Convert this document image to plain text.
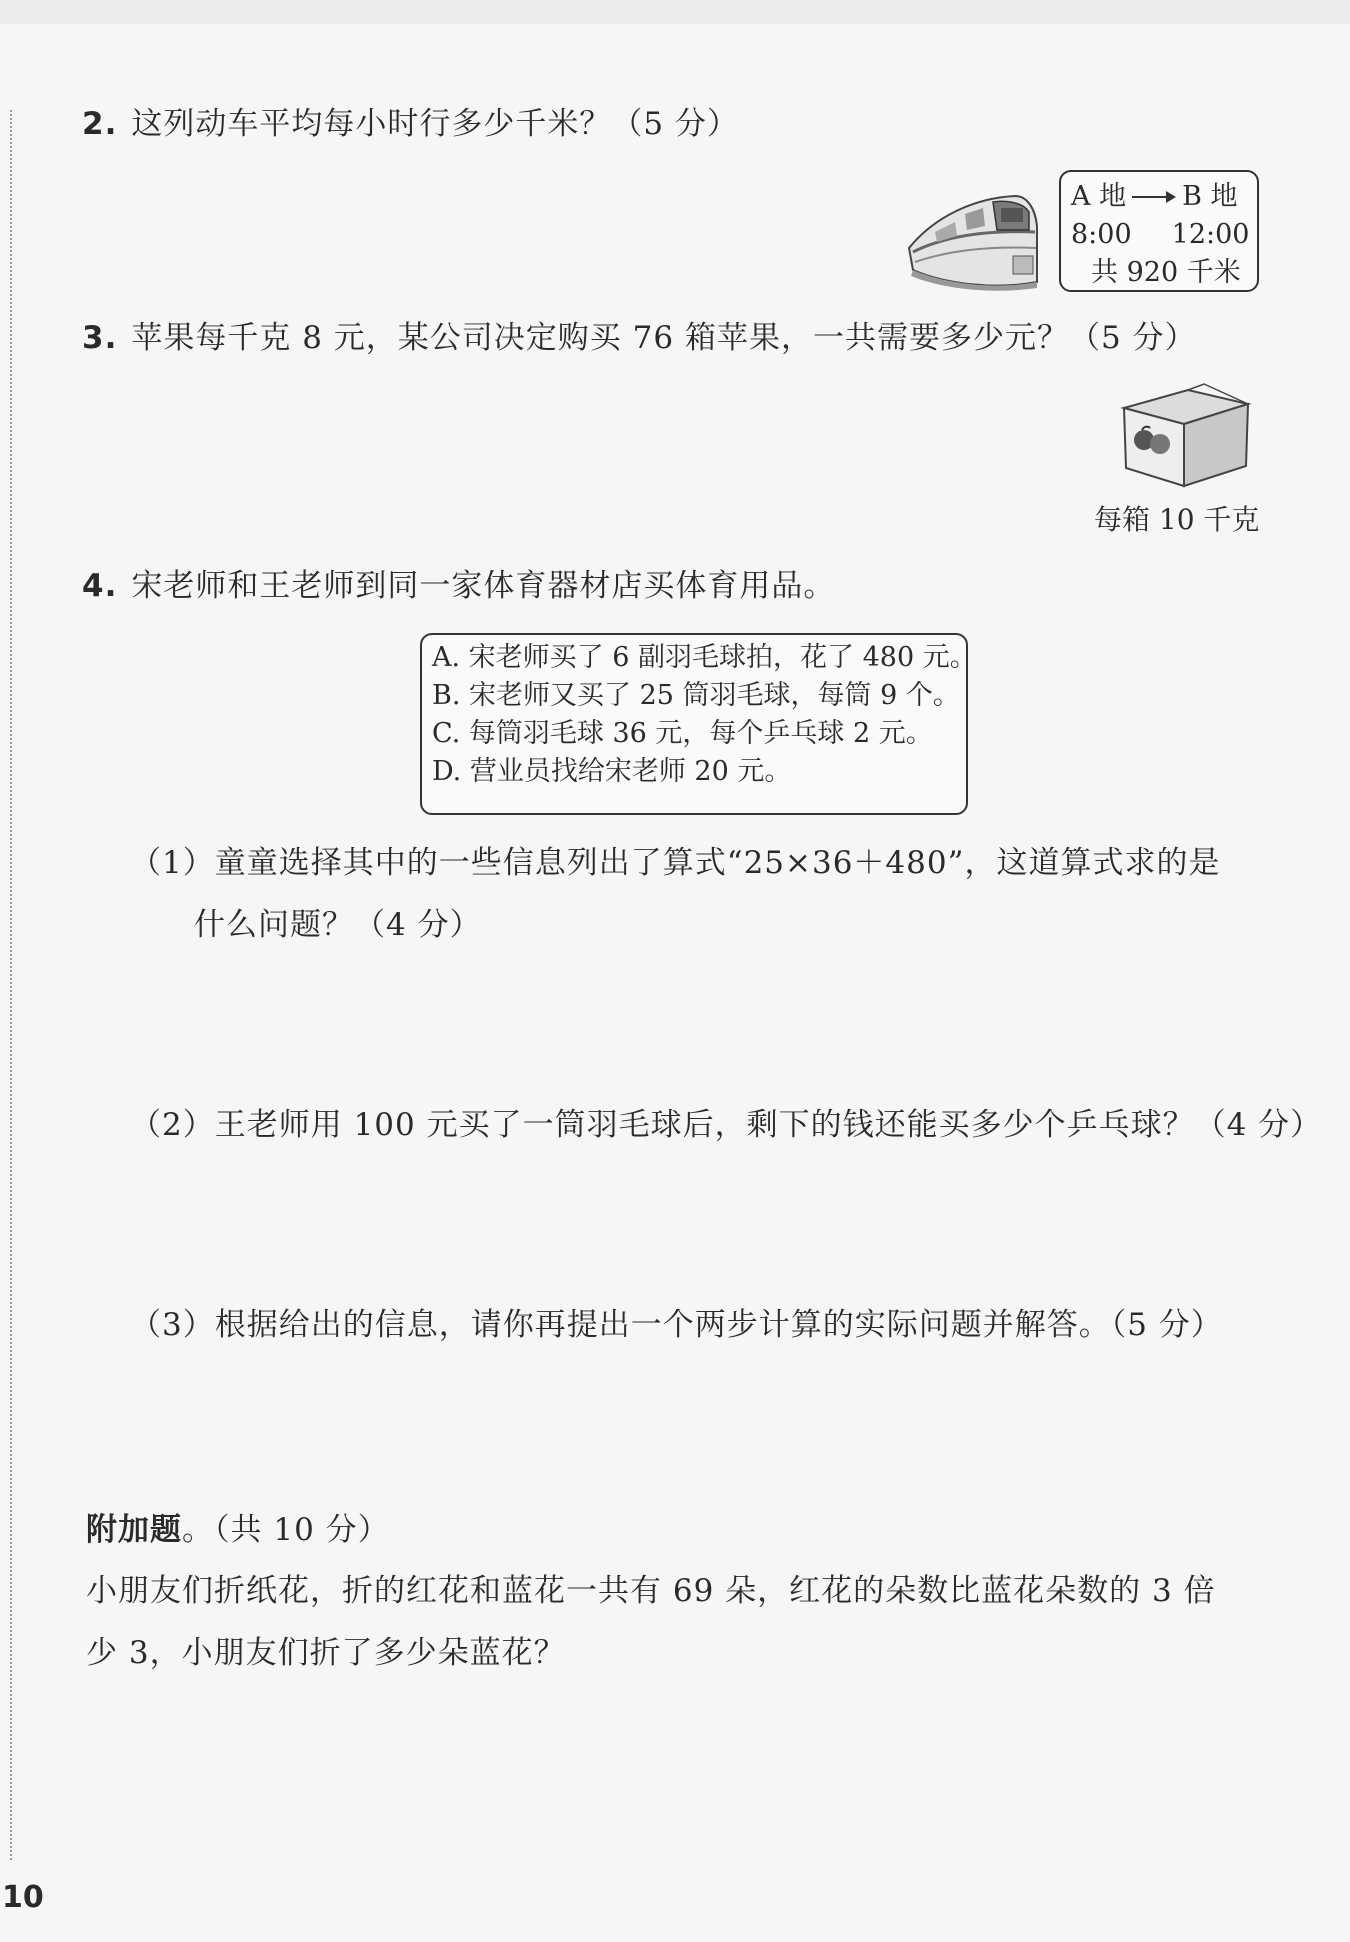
2. 这列动车平均每小时行多少千米？（5 分）
A 地 B 地
8:00 12:00
共 920 千米
3. 苹果每千克 8 元，某公司决定购买 76 箱苹果，一共需要多少元？（5 分）
每箱 10 千克
4. 宋老师和王老师到同一家体育器材店买体育用品。
A. 宋老师买了 6 副羽毛球拍，花了 480 元。
B. 宋老师又买了 25 筒羽毛球，每筒 9 个。
C. 每筒羽毛球 36 元，每个乒乓球 2 元。
D. 营业员找给宋老师 20 元。
（1）童童选择其中的一些信息列出了算式“25×36＋480”，这道算式求的是
什么问题？（4 分）
（2）王老师用 100 元买了一筒羽毛球后，剩下的钱还能买多少个乒乓球？（4 分）
（3）根据给出的信息，请你再提出一个两步计算的实际问题并解答。（5 分）
附加题。（共 10 分）
小朋友们折纸花，折的红花和蓝花一共有 69 朵，红花的朵数比蓝花朵数的 3 倍
少 3，小朋友们折了多少朵蓝花？
10
